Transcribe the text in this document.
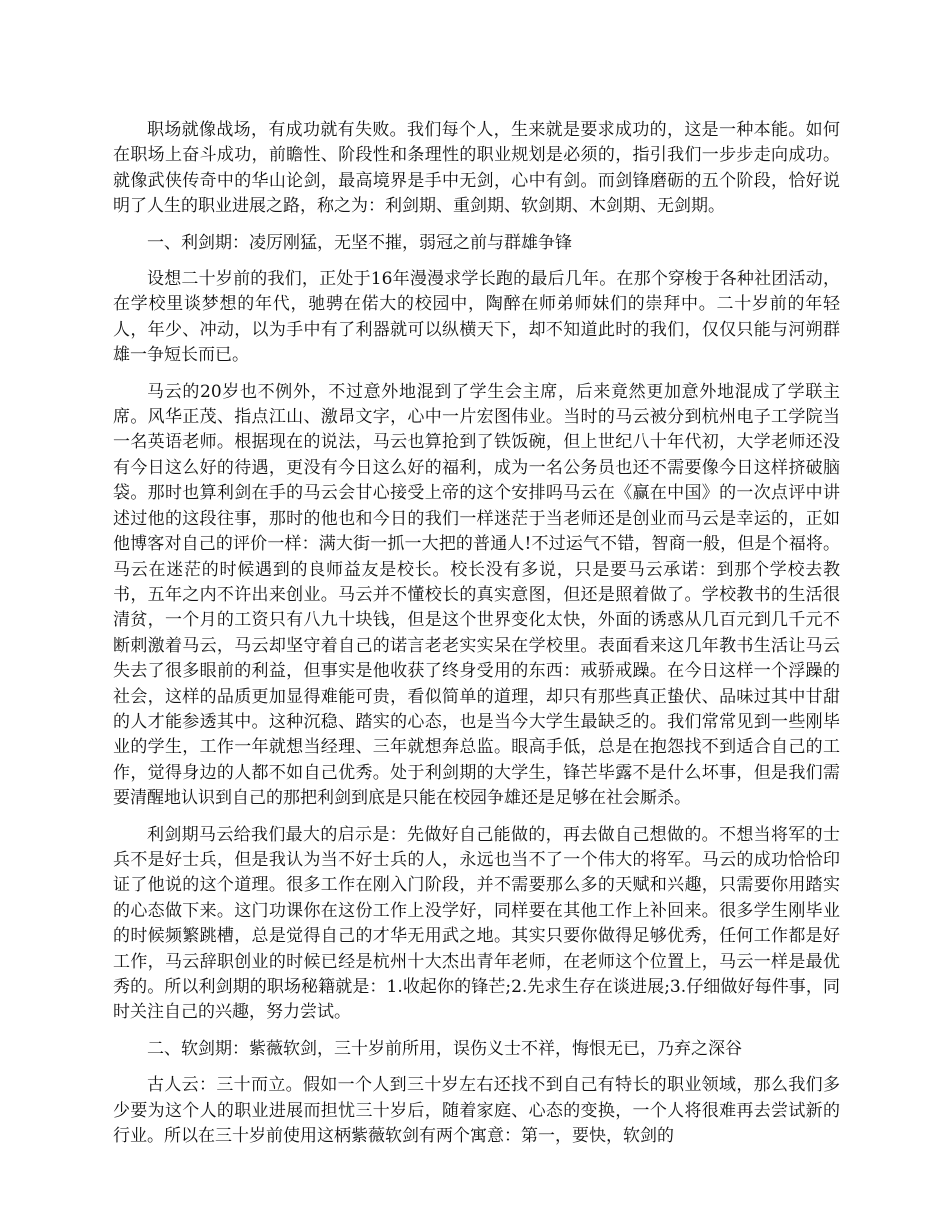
职场就像战场，有成功就有失败。我们每个人，生来就是要求成功的，这是一种本能。如何在职场上奋斗成功，前瞻性、阶段性和条理性的职业规划是必须的，指引我们一步步走向成功。就像武侠传奇中的华山论剑，最高境界是手中无剑，心中有剑。而剑锋磨砺的五个阶段，恰好说明了人生的职业进展之路，称之为：利剑期、重剑期、软剑期、木剑期、无剑期。

一、利剑期：凌厉刚猛，无坚不摧，弱冠之前与群雄争锋

设想二十岁前的我们，正处于16年漫漫求学长跑的最后几年。在那个穿梭于各种社团活动，在学校里谈梦想的年代，驰骋在偌大的校园中，陶醉在师弟师妹们的崇拜中。二十岁前的年轻人，年少、冲动，以为手中有了利器就可以纵横天下，却不知道此时的我们，仅仅只能与河朔群雄一争短长而已。

马云的20岁也不例外，不过意外地混到了学生会主席，后来竟然更加意外地混成了学联主席。风华正茂、指点江山、激昂文字，心中一片宏图伟业。当时的马云被分到杭州电子工学院当一名英语老师。根据现在的说法，马云也算抢到了铁饭碗，但上世纪八十年代初，大学老师还没有今日这么好的待遇，更没有今日这么好的福利，成为一名公务员也还不需要像今日这样挤破脑袋。那时也算利剑在手的马云会甘心接受上帝的这个安排吗马云在《赢在中国》的一次点评中讲述过他的这段往事，那时的他也和今日的我们一样迷茫于当老师还是创业而马云是幸运的，正如他博客对自己的评价一样：满大街一抓一大把的普通人!不过运气不错，智商一般，但是个福将。马云在迷茫的时候遇到的良师益友是校长。校长没有多说，只是要马云承诺：到那个学校去教书，五年之内不许出来创业。马云并不懂校长的真实意图，但还是照着做了。学校教书的生活很清贫，一个月的工资只有八九十块钱，但是这个世界变化太快，外面的诱惑从几百元到几千元不断刺激着马云，马云却坚守着自己的诺言老老实实呆在学校里。表面看来这几年教书生活让马云失去了很多眼前的利益，但事实是他收获了终身受用的东西：戒骄戒躁。在今日这样一个浮躁的社会，这样的品质更加显得难能可贵，看似简单的道理，却只有那些真正蛰伏、品味过其中甘甜的人才能参透其中。这种沉稳、踏实的心态，也是当今大学生最缺乏的。我们常常见到一些刚毕业的学生，工作一年就想当经理、三年就想奔总监。眼高手低，总是在抱怨找不到适合自己的工作，觉得身边的人都不如自己优秀。处于利剑期的大学生，锋芒毕露不是什么坏事，但是我们需要清醒地认识到自己的那把利剑到底是只能在校园争雄还是足够在社会厮杀。

利剑期马云给我们最大的启示是：先做好自己能做的，再去做自己想做的。不想当将军的士兵不是好士兵，但是我认为当不好士兵的人，永远也当不了一个伟大的将军。马云的成功恰恰印证了他说的这个道理。很多工作在刚入门阶段，并不需要那么多的天赋和兴趣，只需要你用踏实的心态做下来。这门功课你在这份工作上没学好，同样要在其他工作上补回来。很多学生刚毕业的时候频繁跳槽，总是觉得自己的才华无用武之地。其实只要你做得足够优秀，任何工作都是好工作，马云辞职创业的时候已经是杭州十大杰出青年老师，在老师这个位置上，马云一样是最优秀的。所以利剑期的职场秘籍就是：1.收起你的锋芒;2.先求生存在谈进展;3.仔细做好每件事，同时关注自己的兴趣，努力尝试。

二、软剑期：紫薇软剑，三十岁前所用，误伤义士不祥，悔恨无已，乃弃之深谷

古人云：三十而立。假如一个人到三十岁左右还找不到自己有特长的职业领域，那么我们多少要为这个人的职业进展而担忧三十岁后，随着家庭、心态的变换，一个人将很难再去尝试新的行业。所以在三十岁前使用这柄紫薇软剑有两个寓意：第一，要快，软剑的
